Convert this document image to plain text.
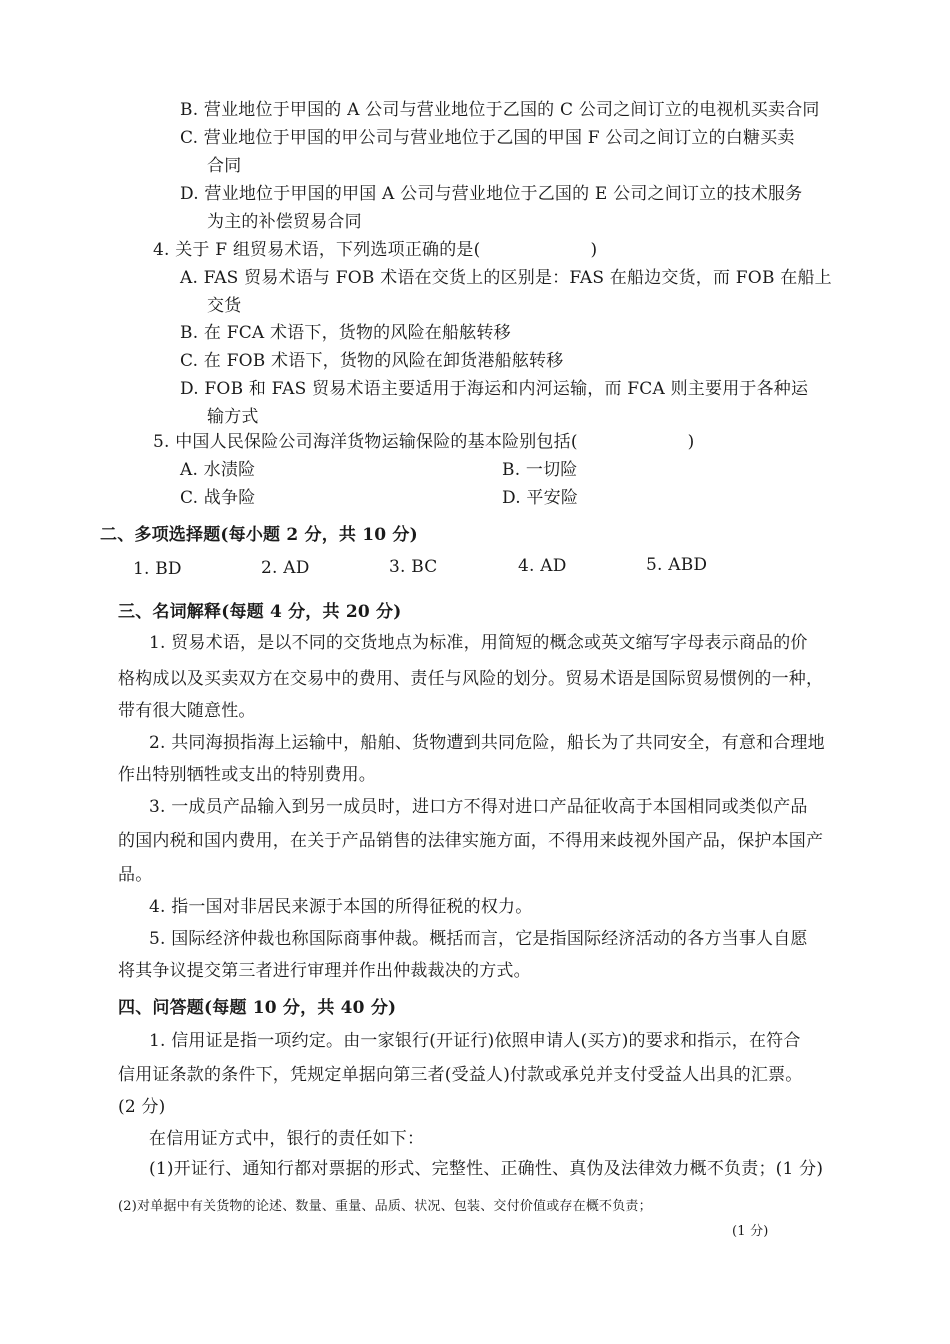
B. 营业地位于甲国的 A 公司与营业地位于乙国的 C 公司之间订立的电视机买卖合同
C. 营业地位于甲国的甲公司与营业地位于乙国的甲国 F 公司之间订立的白糖买卖
合同
D. 营业地位于甲国的甲国 A 公司与营业地位于乙国的 E 公司之间订立的技术服务
为主的补偿贸易合同
4. 关于 F 组贸易术语，下列选项正确的是(	)
A. FAS 贸易术语与 FOB 术语在交货上的区别是：FAS 在船边交货，而 FOB 在船上
交货
B. 在 FCA 术语下，货物的风险在船舷转移
C. 在 FOB 术语下，货物的风险在卸货港船舷转移
D. FOB 和 FAS 贸易术语主要适用于海运和内河运输，而 FCA 则主要用于各种运
输方式
5. 中国人民保险公司海洋货物运输保险的基本险别包括(	)
A. 水渍险	B. 一切险
C. 战争险	D. 平安险
二、多项选择题(每小题 2 分，共 10 分)
1. BD	2. AD	3. BC	4. AD	5. ABD
三、名词解释(每题 4 分，共 20 分)
1. 贸易术语，是以不同的交货地点为标准，用简短的概念或英文缩写字母表示商品的价
格构成以及买卖双方在交易中的费用、责任与风险的划分。贸易术语是国际贸易惯例的一种，
带有很大随意性。
2. 共同海损指海上运输中，船舶、货物遭到共同危险，船长为了共同安全，有意和合理地
作出特别牺牲或支出的特别费用。
3. 一成员产品输入到另一成员时，进口方不得对进口产品征收高于本国相同或类似产品
的国内税和国内费用，在关于产品销售的法律实施方面，不得用来歧视外国产品，保护本国产
品。
4. 指一国对非居民来源于本国的所得征税的权力。
5. 国际经济仲裁也称国际商事仲裁。概括而言，它是指国际经济活动的各方当事人自愿
将其争议提交第三者进行审理并作出仲裁裁决的方式。
四、问答题(每题 10 分，共 40 分)
1. 信用证是指一项约定。由一家银行(开证行)依照申请人(买方)的要求和指示，在符合
信用证条款的条件下，凭规定单据向第三者(受益人)付款或承兑并支付受益人出具的汇票。
(2 分)
在信用证方式中，银行的责任如下：
(1)开证行、通知行都对票据的形式、完整性、正确性、真伪及法律效力概不负责；(1 分)
(2)对单据中有关货物的论述、数量、重量、品质、状况、包装、交付价值或存在概不负责；
(1 分)
